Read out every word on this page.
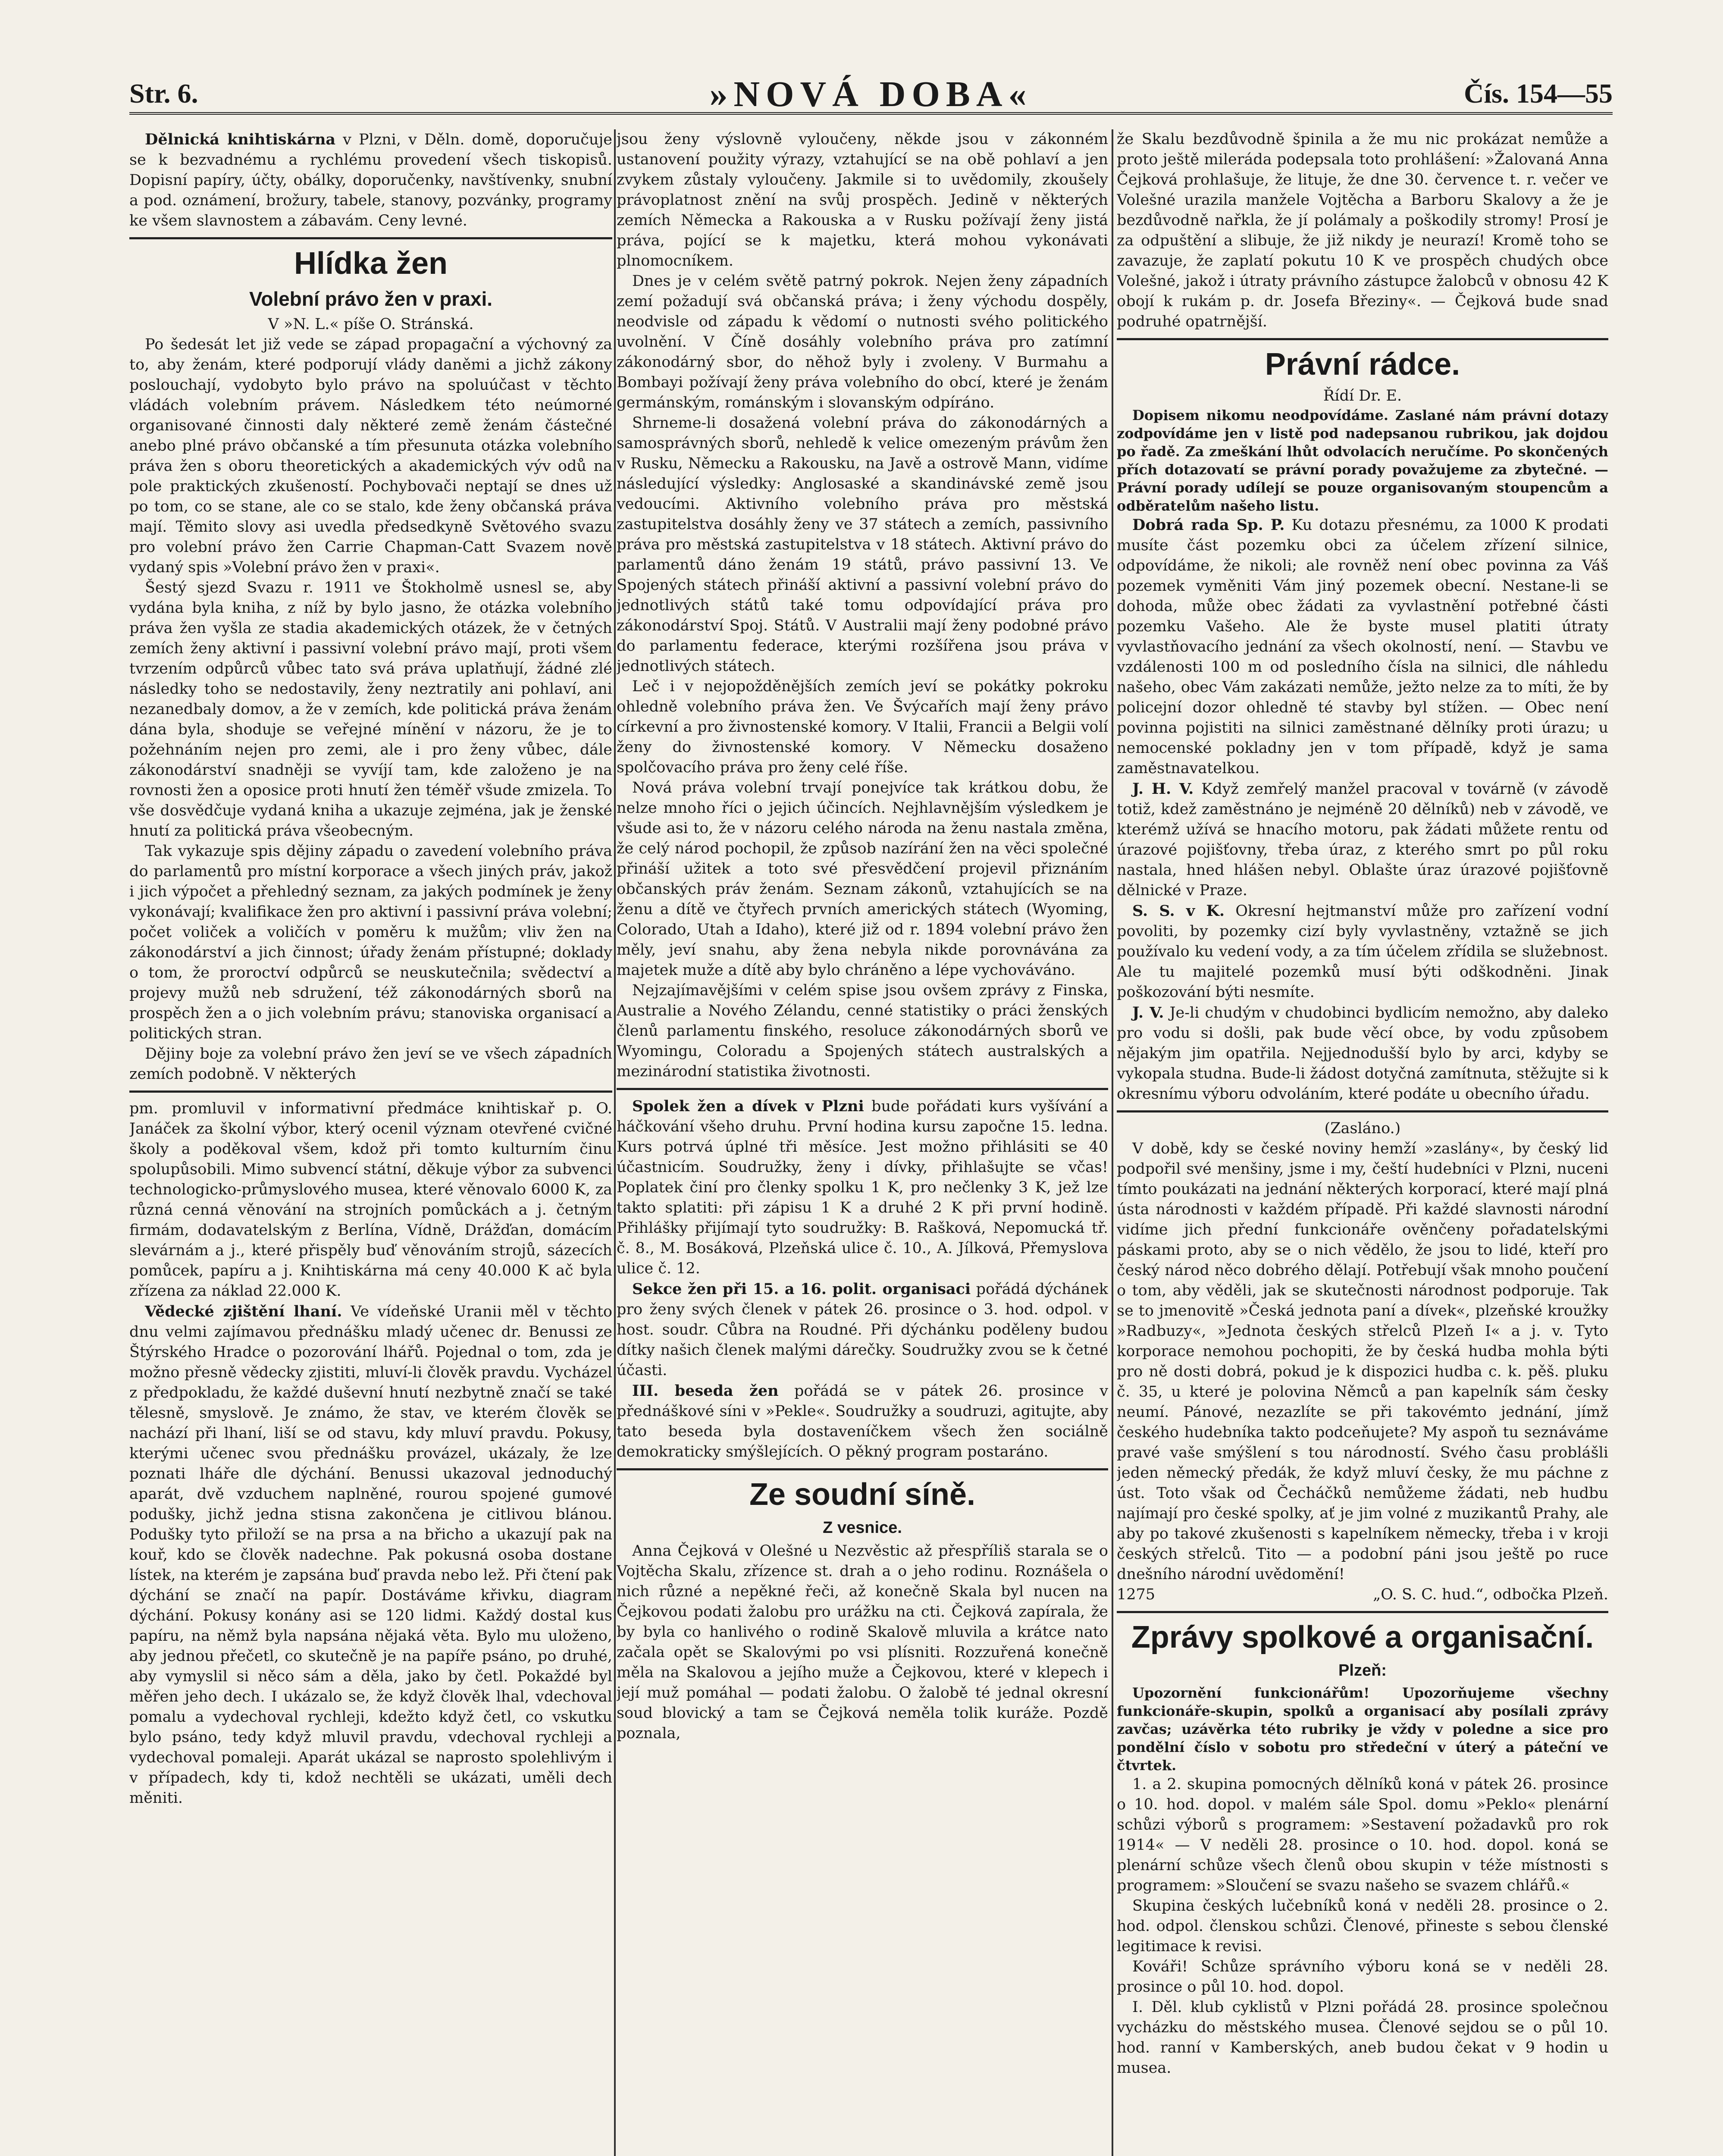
Str. 6.	»NOVÁ DOBA«	Čís. 154—55

Dělnická knihtiskárna v Plzni, v Děln. domě, doporučuje se k bezvadnému a rychlému provedení všech tiskopisů. Dopisní papíry, účty, obálky, doporučenky, navštívenky, snubní a pod. oznámení, brožury, tabele, stanovy, pozvánky, programy ke všem slavnostem a zábavám. Ceny levné.

Hlídka žen
Volební právo žen v praxi.
V »N. L.« píše O. Stránská.

Po šedesát let již vede se západ propagační a výchovný za to, aby ženám, které podporují vlády daněmi a jichž zákony poslouchají, vydobyto bylo právo na spoluúčast v těchto vládách volebním právem. Následkem této neúmorné organisované činnosti daly některé země ženám částečné anebo plné právo občanské a tím přesunuta otázka volebního práva žen s oboru theoretických a akademických výv odů na pole praktických zkušeností. Pochybovači neptají se dnes už po tom, co se stane, ale co se stalo, kde ženy občanská práva mají. Těmito slovy asi uvedla předsedkyně Světového svazu pro volební právo žen Carrie Chapman-Catt Svazem nově vydaný spis »Volební právo žen v praxi«.

Šestý sjezd Svazu r. 1911 ve Štokholmě usnesl se, aby vydána byla kniha, z níž by bylo jasno, že otázka volebního práva žen vyšla ze stadia akademických otázek, že v četných zemích ženy aktivní i passivní volební právo mají, proti všem tvrzením odpůrců vůbec tato svá práva uplatňují, žádné zlé následky toho se nedostavily, ženy neztratily ani pohlaví, ani nezanedbaly domov, a že v zemích, kde politická práva ženám dána byla, shoduje se veřejné mínění v názoru, že je to požehnáním nejen pro zemi, ale i pro ženy vůbec, dále zákonodárství snadněji se vyvíjí tam, kde založeno je na rovnosti žen a oposice proti hnutí žen téměř všude zmizela. To vše dosvědčuje vydaná kniha a ukazuje zejména, jak je ženské hnutí za politická práva všeobecným.

Tak vykazuje spis dějiny západu o zavedení volebního práva do parlamentů pro místní korporace a všech jiných práv, jakož i jich výpočet a přehledný seznam, za jakých podmínek je ženy vykonávají; kvalifikace žen pro aktivní i passivní práva volební; počet voliček a voličích v poměru k mužům; vliv žen na zákonodárství a jich činnost; úřady ženám přístupné; doklady o tom, že proroctví odpůrců se neuskutečnila; svědectví a projevy mužů neb sdružení, též zákonodárných sborů na prospěch žen a o jich volebním právu; stanoviska organisací a politických stran.

Dějiny boje za volební právo žen jeví se ve všech západních zemích podobně. V některých

pm. promluvil v informativní předmáce knihtiskař p. O. Janáček za školní výbor, který ocenil význam otevřené cvičné školy a poděkoval všem, kdož při tomto kulturním činu spolupůsobili. Mimo subvencí státní, děkuje výbor za subvenci technologicko-průmyslového musea, které věnovalo 6000 K, za různá cenná věnování na strojních pomůckách a j. četným firmám, dodavatelským z Berlína, Vídně, Drážďan, domácím slevárnám a j., které přispěly buď věnováním strojů, sázecích pomůcek, papíru a j. Knihtiskárna má ceny 40.000 K ač byla zřízena za náklad 22.000 K.

Vědecké zjištění lhaní. Ve vídeňské Uranii měl v těchto dnu velmi zajímavou přednášku mladý učenec dr. Benussi ze Štýrského Hradce o pozorování lhářů. Pojednal o tom, zda je možno přesně vědecky zjistiti, mluví-li člověk pravdu. Vycházel z předpokladu, že každé duševní hnutí nezbytně značí se také tělesně, smyslově. Je známo, že stav, ve kterém člověk se nachází při lhaní, liší se od stavu, kdy mluví pravdu. Pokusy, kterými učenec svou přednášku provázel, ukázaly, že lze poznati lháře dle dýchání. Benussi ukazoval jednoduchý aparát, dvě vzduchem naplněné, rourou spojené gumové podušky, jichž jedna stisna zakončena je citlivou blánou. Podušky tyto přiloží se na prsa a na břicho a ukazují pak na kouř, kdo se člověk nadechne. Pak pokusná osoba dostane lístek, na kterém je zapsána buď pravda nebo lež. Při čtení pak dýchání se značí na papír. Dostáváme křivku, diagram dýchání. Pokusy konány asi se 120 lidmi. Každý dostal kus papíru, na němž byla napsána nějaká věta. Bylo mu uloženo, aby jednou přečetl, co skutečně je na papíře psáno, po druhé, aby vymyslil si něco sám a děla, jako by četl. Pokaždé byl měřen jeho dech. I ukázalo se, že když člověk lhal, vdechoval pomalu a vydechoval rychleji, kdežto když četl, co vskutku bylo psáno, tedy když mluvil pravdu, vdechoval rychleji a vydechoval pomaleji. Aparát ukázal se naprosto spolehlivým i v případech, kdy ti, kdož nechtěli se ukázati, uměli dech měniti.

jsou ženy výslovně vyloučeny, někde jsou v zákonném ustanovení použity výrazy, vztahující se na obě pohlaví a jen zvykem zůstaly vyloučeny. Jakmile si to uvědomily, zkoušely právoplatnost znění na svůj prospěch. Jedině v některých zemích Německa a Rakouska a v Rusku požívají ženy jistá práva, pojící se k majetku, která mohou vykonávati plnomocníkem.

Dnes je v celém světě patrný pokrok. Nejen ženy západních zemí požadují svá občanská práva; i ženy východu dospěly, neodvisle od západu k vědomí o nutnosti svého politického uvolnění. V Číně dosáhly volebního práva pro zatímní zákonodárný sbor, do něhož byly i zvoleny. V Burmahu a Bombayi požívají ženy práva volebního do obcí, které je ženám germánským, románským i slovanským odpíráno.

Shrneme-li dosažená volební práva do zákonodárných a samosprávných sborů, nehledě k velice omezeným právům žen v Rusku, Německu a Rakousku, na Javě a ostrově Mann, vidíme následující výsledky: Anglosaské a skandinávské země jsou vedoucími. Aktivního volebního práva pro městská zastupitelstva dosáhly ženy ve 37 státech a zemích, passivního práva pro městská zastupitelstva v 18 státech. Aktivní právo do parlamentů dáno ženám 19 států, právo passivní 13. Ve Spojených státech přináší aktivní a passivní volební právo do jednotlivých států také tomu odpovídající práva pro zákonodárství Spoj. Států. V Australii mají ženy podobné právo do parlamentu federace, kterými rozšířena jsou práva v jednotlivých státech.

Leč i v nejopožděnějších zemích jeví se pokátky pokroku ohledně volebního práva žen. Ve Švýcařích mají ženy právo církevní a pro živnostenské komory. V Italii, Francii a Belgii volí ženy do živnostenské komory. V Německu dosaženo spolčovacího práva pro ženy celé říše.

Nová práva volební trvají ponejvíce tak krátkou dobu, že nelze mnoho říci o jejich účincích. Nejhlavnějším výsledkem je všude asi to, že v názoru celého národa na ženu nastala změna, že celý národ pochopil, že způsob nazírání žen na věci společné přináší užitek a toto své přesvědčení projevil přiznáním občanských práv ženám. Seznam zákonů, vztahujících se na ženu a dítě ve čtyřech prvních amerických státech (Wyoming, Colorado, Utah a Idaho), které již od r. 1894 volební právo žen měly, jeví snahu, aby žena nebyla nikde porovnávána za majetek muže a dítě aby bylo chráněno a lépe vychováváno.

Nejzajímavějšími v celém spise jsou ovšem zprávy z Finska, Australie a Nového Zélandu, cenné statistiky o práci ženských členů parlamentu finského, resoluce zákonodárných sborů ve Wyomingu, Coloradu a Spojených státech australských a mezinárodní statistika životnosti.

Spolek žen a dívek v Plzni bude pořádati kurs vyšívání a háčkování všeho druhu. První hodina kursu započne 15. ledna. Kurs potrvá úplné tři měsíce. Jest možno přihlásiti se 40 účastnicím. Soudružky, ženy i dívky, přihlašujte se včas! Poplatek činí pro členky spolku 1 K, pro nečlenky 3 K, jež lze takto splatiti: při zápisu 1 K a druhé 2 K při první hodině. Přihlášky přijímají tyto soudružky: B. Rašková, Nepomucká tř. č. 8., M. Bosáková, Plzeňská ulice č. 10., A. Jílková, Přemyslova ulice č. 12.

Sekce žen při 15. a 16. polit. organisaci pořádá dýchánek pro ženy svých členek v pátek 26. prosince o 3. hod. odpol. v host. soudr. Cůbra na Roudné. Při dýchánku poděleny budou dítky našich členek malými dárečky. Soudružky zvou se k četné účasti.

III. beseda žen pořádá se v pátek 26. prosince v přednáškové síni v »Pekle«. Soudružky a soudruzi, agitujte, aby tato beseda byla dostaveníčkem všech žen sociálně demokraticky smýšlejících. O pěkný program postaráno.

Ze soudní síně.
Z vesnice.

Anna Čejková v Olešné u Nezvěstic až přespříliš starala se o Vojtěcha Skalu, zřízence st. drah a o jeho rodinu. Roznášela o nich různé a nepěkné řeči, až konečně Skala byl nucen na Čejkovou podati žalobu pro urážku na cti. Čejková zapírala, že by byla co hanlivého o rodině Skalově mluvila a krátce nato začala opět se Skalovými po vsi plísniti. Rozzuřená konečně měla na Skalovou a jejího muže a Čejkovou, které v klepech i její muž pomáhal — podati žalobu. O žalobě té jednal okresní soud blovický a tam se Čejková neměla tolik kuráže. Pozdě poznala,

že Skalu bezdůvodně špinila a že mu nic prokázat nemůže a proto ještě milerádа podepsala toto prohlášení: »Žalovaná Anna Čejková prohlašuje, že lituje, že dne 30. července t. r. večer ve Volešné urazila manžele Vojtěcha a Barboru Skalovy a že je bezdůvodně nařkla, že jí polámaly a poškodily stromy! Prosí je za odpuštění a slibuje, že již nikdy je neurazí! Kromě toho se zavazuje, že zaplatí pokutu 10 K ve prospěch chudých obce Volešné, jakož i útraty právního zástupce žalobců v obnosu 42 K obojí k rukám p. dr. Josefa Březiny«. — Čejková bude snad podruhé opatrnější.

Právní rádce.
Řídí Dr. E.

Dopisem nikomu neodpovídáme. Zaslané nám právní dotazy zodpovídáme jen v listě pod nadepsanou rubrikou, jak dojdou po řadě. Za zmeškání lhůt odvolacích neručíme. Po skončených přích dotazovatí se právní porady považujeme za zbytečné. — Právní porady udílejí se pouze organisovaným stoupencům a odběratelům našeho listu.

Dobrá rada Sp. P. Ku dotazu přesnému, za 1000 K prodati musíte část pozemku obci za účelem zřízení silnice, odpovídáme, že nikoli; ale rovněž není obec povinna za Váš pozemek vyměniti Vám jiný pozemek obecní. Nestane-li se dohoda, může obec žádati za vyvlastnění potřebné části pozemku Vašeho. Ale že byste musel platiti útraty vyvlastňovacího jednání za všech okolností, není. — Stavbu ve vzdálenosti 100 m od posledního čísla na silnici, dle náhledu našeho, obec Vám zakázati nemůže, ježto nelze za to míti, že by policejní dozor ohledně té stavby byl stížen. — Obec není povinna pojistiti na silnici zaměstnané dělníky proti úrazu; u nemocenské pokladny jen v tom případě, když je sama zaměstnavatelkou.

J. H. V. Když zemřelý manžel pracoval v továrně (v závodě totiž, kdež zaměstnáno je nejméně 20 dělníků) neb v závodě, ve kterémž užívá se hnacího motoru, pak žádati můžete rentu od úrazové pojišťovny, třeba úraz, z kterého smrt po půl roku nastala, hned hlášen nebyl. Oblašte úraz úrazové pojišťovně dělnické v Praze.

S. S. v K. Okresní hejtmanství může pro zařízení vodní povoliti, by pozemky cizí byly vyvlastněny, vztažně se jich používalo ku vedení vody, a za tím účelem zřídila se služebnost. Ale tu majitelé pozemků musí býti odškodněni. Jinak poškozování býti nesmíte.

J. V. Je-li chudým v chudobinci bydlicím nemožno, aby daleko pro vodu si došli, pak bude věcí obce, by vodu způsobem nějakým jim opatřila. Nejjednodušší bylo by arci, kdyby se vykopala studna. Bude-li žádost dotyčná zamítnuta, stěžujte si k okresnímu výboru odvoláním, které podáte u obecního úřadu.

(Zasláno.)

V době, kdy se české noviny hemží »zaslány«, by český lid podpořil své menšiny, jsme i my, čeští hudebníci v Plzni, nuceni tímto poukázati na jednání některých korporací, které mají plná ústa národnosti v každém případě. Při každé slavnosti národní vidíme jich přední funkcionáře ověnčeny pořadatelskými páskami proto, aby se o nich vědělo, že jsou to lidé, kteří pro český národ něco dobrého dělají. Potřebují však mnoho poučení o tom, aby věděli, jak se skutečnosti národnost podporuje. Tak se to jmenovitě »Česká jednota paní a dívek«, plzeňské kroužky »Radbuzy«, »Jednota českých střelců Plzeň I« a j. v. Tyto korporace nemohou pochopiti, že by česká hudba mohla býti pro ně dosti dobrá, pokud je k dispozici hudba c. k. pěš. pluku č. 35, u které je polovina Němců a pan kapelník sám česky neumí. Pánové, nezazlíte se při takovémto jednání, jímž českého hudebníka takto podceňujete? My aspoň tu seznáváme pravé vaše smýšlení s tou národností. Svého času problášli jeden německý předák, že když mluví česky, že mu páchne z úst. Toto však od Čecháčků nemůžeme žádati, neb hudbu najímají pro české spolky, ať je jim volné z muzikantů Prahy, ale aby po takové zkušenosti s kapelníkem německy, třeba i v kroji českých střelců. Tito — a podobní páni jsou ještě po ruce dnešního národní uvědomění!

1275	„O. S. C. hud.“, odbočka Plzeň.
Zprávy spolkové a organisační.
Plzeň:

Upozornění funkcionářům! Upozorňujeme všechny funkcionáře-skupin, spolků a organisací aby posílali zprávy zavčas; uzávěrka této rubriky je vždy v poledne a sice pro pondělní číslo v sobotu pro středeční v úterý a páteční ve čtvrtek.

1. a 2. skupina pomocných dělníků koná v pátek 26. prosince o 10. hod. dopol. v malém sále Spol. domu »Peklo« plenární schůzi výborů s programem: »Sestavení požadavků pro rok 1914« — V neděli 28. prosince o 10. hod. dopol. koná se plenární schůze všech členů obou skupin v téže místnosti s programem: »Sloučení se svazu našeho se svazem chlářů.«

Skupina českých lučebníků koná v neděli 28. prosince o 2. hod. odpol. členskou schůzi. Členové, přineste s sebou členské legitimace k revisi.

Kováři! Schůze správního výboru koná se v neděli 28. prosince o půl 10. hod. dopol.

I. Děl. klub cyklistů v Plzni pořádá 28. prosince společnou vycházku do městského musea. Členové sejdou se o půl 10. hod. ranní v Kamberských, aneb budou čekat v 9 hodin u musea.
